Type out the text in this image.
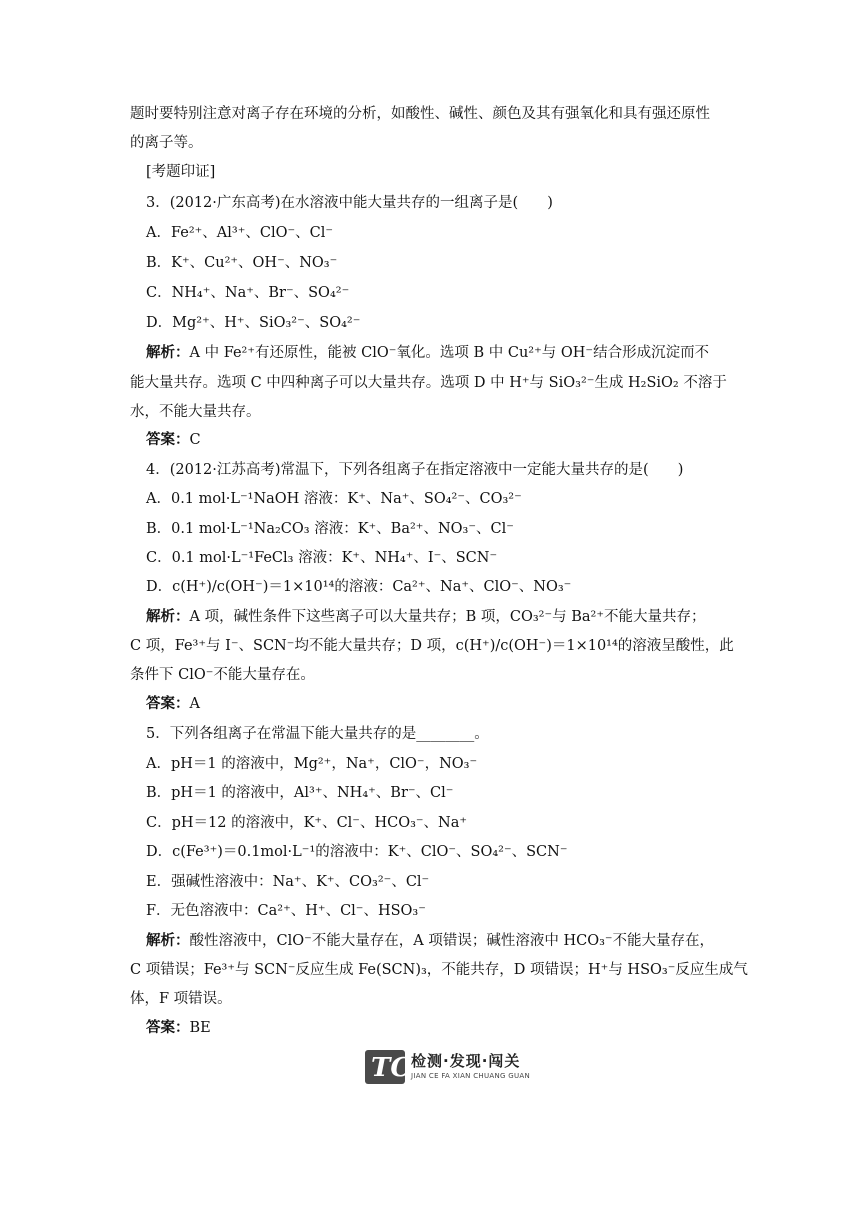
题时要特别注意对离子存在环境的分析，如酸性、碱性、颜色及其有强氧化和具有强还原性
的离子等。
[考题印证]
3．(2012·广东高考)在水溶液中能大量共存的一组离子是(　　)
A．Fe²⁺、Al³⁺、ClO⁻、Cl⁻
B．K⁺、Cu²⁺、OH⁻、NO₃⁻
C．NH₄⁺、Na⁺、Br⁻、SO₄²⁻
D．Mg²⁺、H⁺、SiO₃²⁻、SO₄²⁻
解析：A 中 Fe²⁺有还原性，能被 ClO⁻氧化。选项 B 中 Cu²⁺与 OH⁻结合形成沉淀而不
能大量共存。选项 C 中四种离子可以大量共存。选项 D 中 H⁺与 SiO₃²⁻生成 H₂SiO₂ 不溶于
水，不能大量共存。
答案：C
4．(2012·江苏高考)常温下，下列各组离子在指定溶液中一定能大量共存的是(　　)
A．0.1 mol·L⁻¹NaOH 溶液：K⁺、Na⁺、SO₄²⁻、CO₃²⁻
B．0.1 mol·L⁻¹Na₂CO₃ 溶液：K⁺、Ba²⁺、NO₃⁻、Cl⁻
C．0.1 mol·L⁻¹FeCl₃ 溶液：K⁺、NH₄⁺、I⁻、SCN⁻
D．c(H⁺)/c(OH⁻)＝1×10¹⁴的溶液：Ca²⁺、Na⁺、ClO⁻、NO₃⁻
解析：A 项，碱性条件下这些离子可以大量共存；B 项，CO₃²⁻与 Ba²⁺不能大量共存；
C 项，Fe³⁺与 I⁻、SCN⁻均不能大量共存；D 项，c(H⁺)/c(OH⁻)＝1×10¹⁴的溶液呈酸性，此
条件下 ClO⁻不能大量存在。
答案：A
5．下列各组离子在常温下能大量共存的是________。
A．pH＝1 的溶液中，Mg²⁺，Na⁺，ClO⁻，NO₃⁻
B．pH＝1 的溶液中，Al³⁺、NH₄⁺、Br⁻、Cl⁻
C．pH＝12 的溶液中，K⁺、Cl⁻、HCO₃⁻、Na⁺
D．c(Fe³⁺)＝0.1mol·L⁻¹的溶液中：K⁺、ClO⁻、SO₄²⁻、SCN⁻
E．强碱性溶液中：Na⁺、K⁺、CO₃²⁻、Cl⁻
F．无色溶液中：Ca²⁺、H⁺、Cl⁻、HSO₃⁻
解析：酸性溶液中，ClO⁻不能大量存在，A 项错误；碱性溶液中 HCO₃⁻不能大量存在，
C 项错误；Fe³⁺与 SCN⁻反应生成 Fe(SCN)₃，不能共存，D 项错误；H⁺与 HSO₃⁻反应生成气
体，F 项错误。
答案：BE
TC 检测·发现·闯关
JIAN CE FA XIAN CHUANG GUAN
